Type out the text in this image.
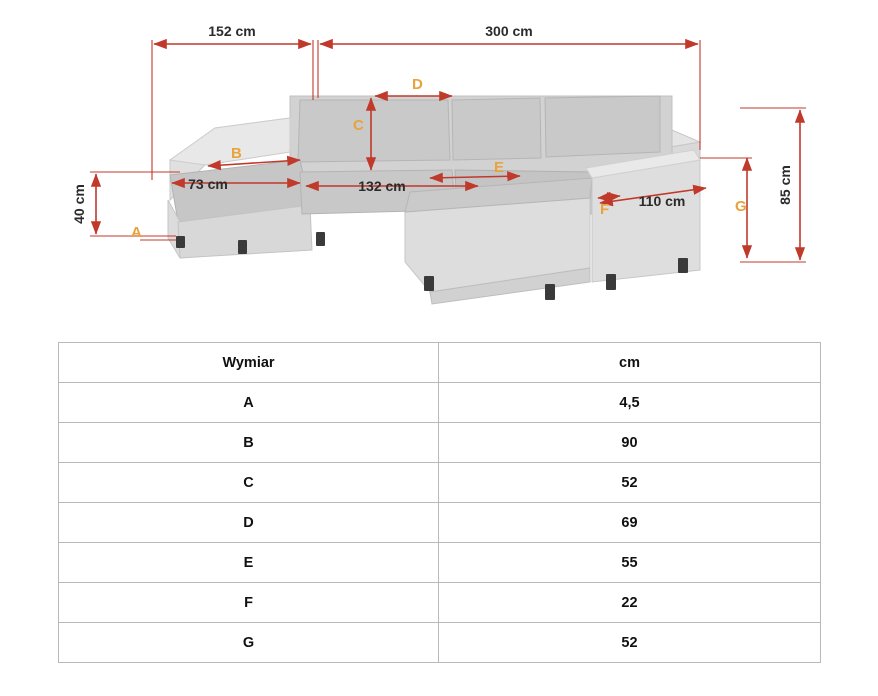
152 cm	300 cm
73 cm	132 cm
110 cm
40 cm	85 cm
A
B
C
D
E
F	G
Wymiar	cm
A	4,5
B	90
C	52
D	69
E	55
F	22
G	52
